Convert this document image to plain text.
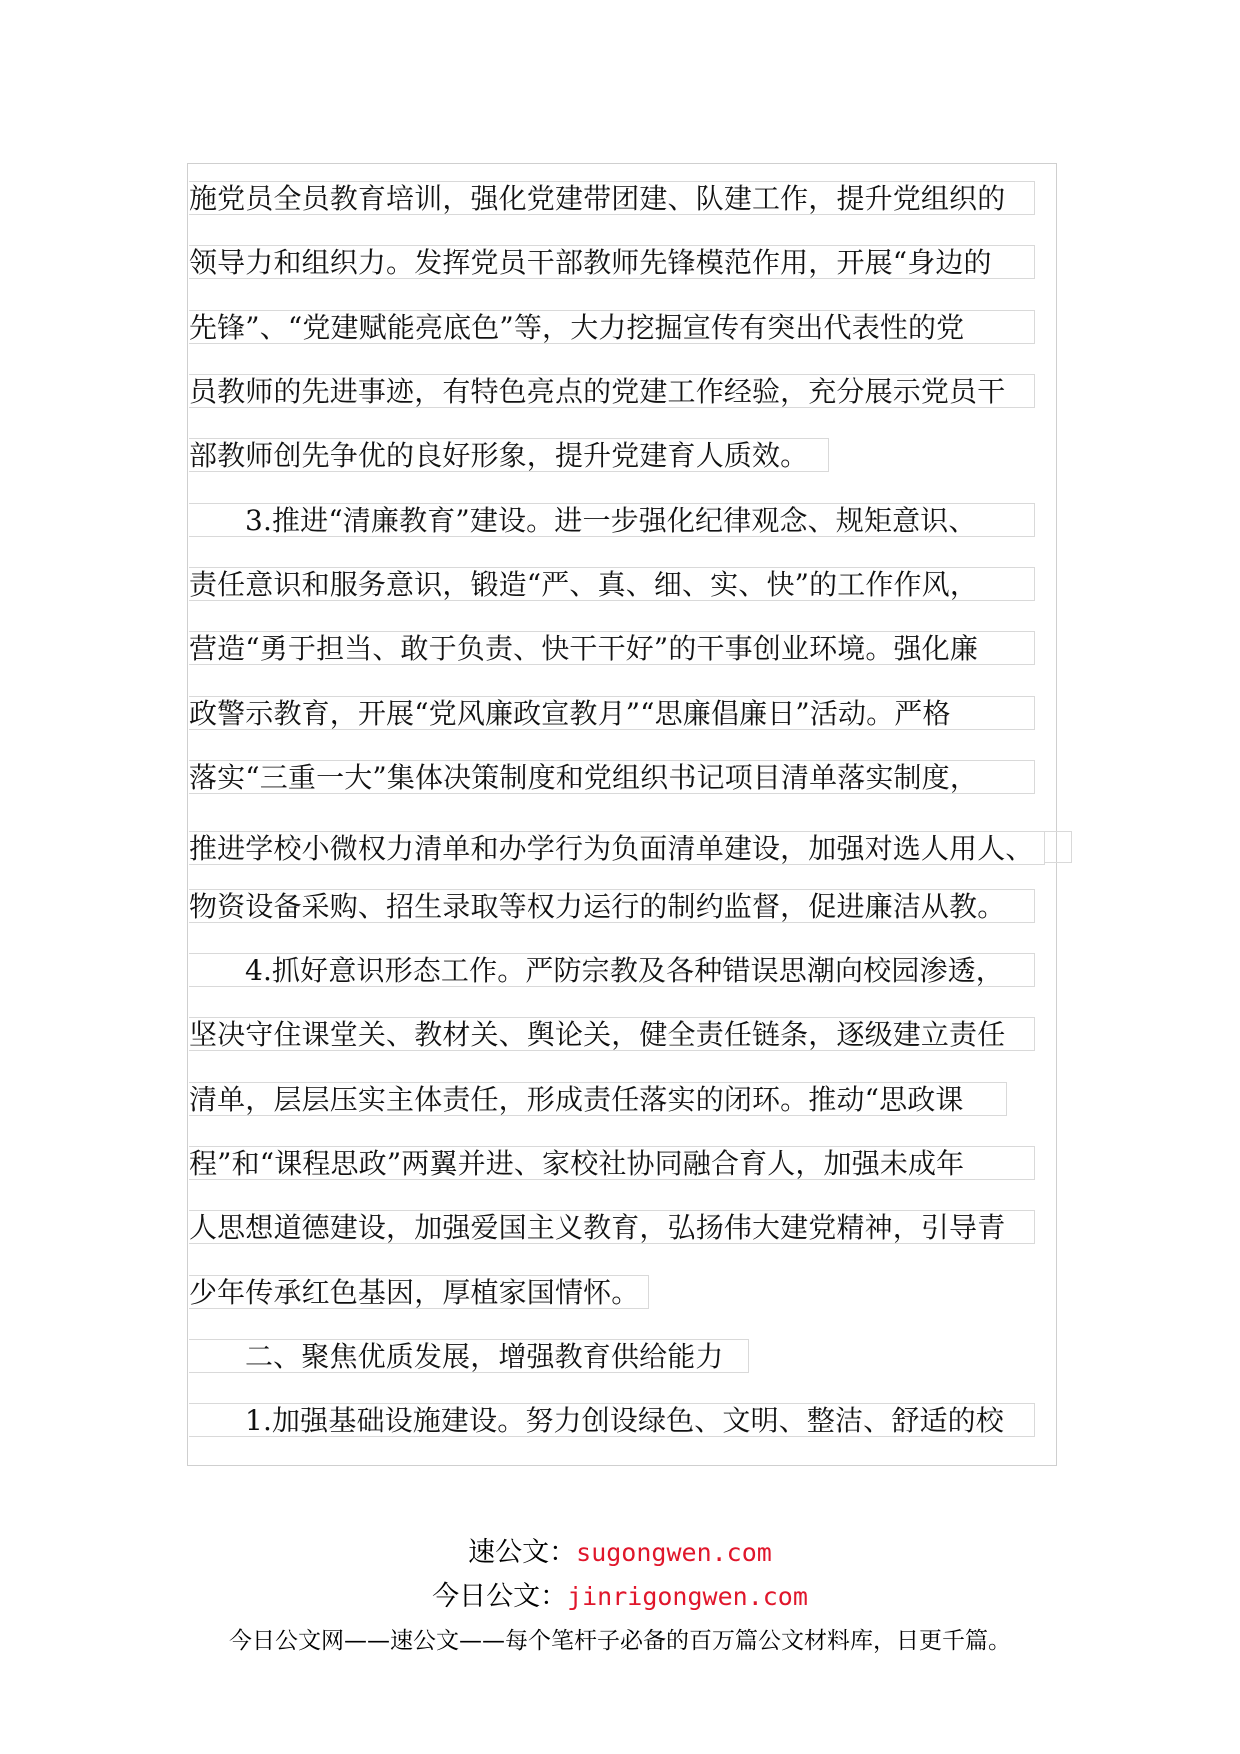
施党员全员教育培训，强化党建带团建、队建工作，提升党组织的
领导力和组织力。发挥党员干部教师先锋模范作用，开展“身边的
先锋”、“党建赋能亮底色”等，大力挖掘宣传有突出代表性的党
员教师的先进事迹，有特色亮点的党建工作经验，充分展示党员干
部教师创先争优的良好形象，提升党建育人质效。
3.推进“清廉教育”建设。进一步强化纪律观念、规矩意识、
责任意识和服务意识，锻造“严、真、细、实、快”的工作作风，
营造“勇于担当、敢于负责、快干干好”的干事创业环境。强化廉
政警示教育，开展“党风廉政宣教月”“思廉倡廉日”活动。严格
落实“三重一大”集体决策制度和党组织书记项目清单落实制度，
推进学校小微权力清单和办学行为负面清单建设，加强对选人用人、
物资设备采购、招生录取等权力运行的制约监督，促进廉洁从教。
4.抓好意识形态工作。严防宗教及各种错误思潮向校园渗透，
坚决守住课堂关、教材关、舆论关，健全责任链条，逐级建立责任
清单，层层压实主体责任，形成责任落实的闭环。推动“思政课
程”和“课程思政”两翼并进、家校社协同融合育人，加强未成年
人思想道德建设，加强爱国主义教育，弘扬伟大建党精神，引导青
少年传承红色基因，厚植家国情怀。
二、聚焦优质发展，增强教育供给能力
1.加强基础设施建设。努力创设绿色、文明、整洁、舒适的校
速公文：sugongwen.com
今日公文：jinrigongwen.com
今日公文网——速公文——每个笔杆子必备的百万篇公文材料库，日更千篇。
